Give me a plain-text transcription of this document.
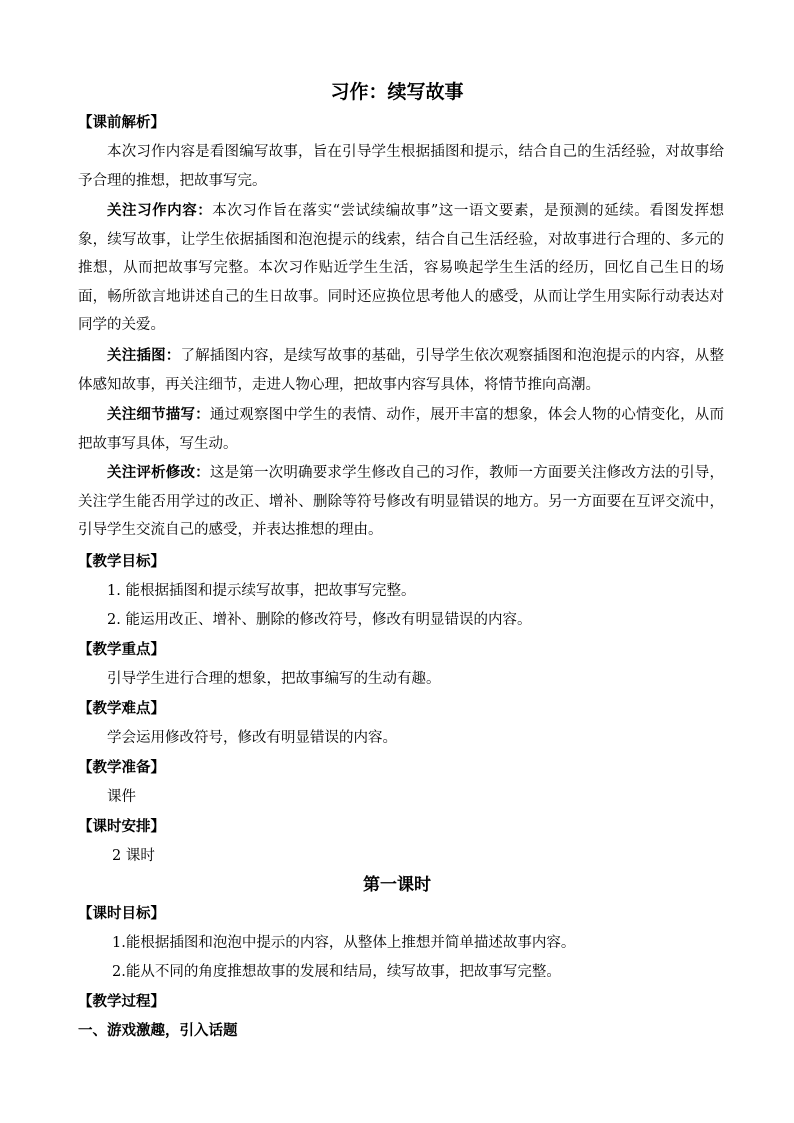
习作：续写故事
【课前解析】

本次习作内容是看图编写故事，旨在引导学生根据插图和提示，结合自己的生活经验，对故事给予合理的推想，把故事写完。

关注习作内容：本次习作旨在落实“尝试续编故事”这一语文要素，是预测的延续。看图发挥想象，续写故事，让学生依据插图和泡泡提示的线索，结合自己生活经验，对故事进行合理的、多元的推想，从而把故事写完整。本次习作贴近学生生活，容易唤起学生生活的经历，回忆自己生日的场面，畅所欲言地讲述自己的生日故事。同时还应换位思考他人的感受，从而让学生用实际行动表达对同学的关爱。

关注插图：了解插图内容，是续写故事的基础，引导学生依次观察插图和泡泡提示的内容，从整体感知故事，再关注细节，走进人物心理，把故事内容写具体，将情节推向高潮。

关注细节描写：通过观察图中学生的表情、动作，展开丰富的想象，体会人物的心情变化，从而把故事写具体，写生动。

关注评析修改：这是第一次明确要求学生修改自己的习作，教师一方面要关注修改方法的引导，关注学生能否用学过的改正、增补、删除等符号修改有明显错误的地方。另一方面要在互评交流中，引导学生交流自己的感受，并表达推想的理由。

【教学目标】
1. 能根据插图和提示续写故事，把故事写完整。
2. 能运用改正、增补、删除的修改符号，修改有明显错误的内容。
【教学重点】
引导学生进行合理的想象，把故事编写的生动有趣。
【教学难点】
学会运用修改符号，修改有明显错误的内容。
【教学准备】
课件
【课时安排】
2 课时
第一课时
【课时目标】
1.能根据插图和泡泡中提示的内容，从整体上推想并简单描述故事内容。
2.能从不同的角度推想故事的发展和结局，续写故事，把故事写完整。
【教学过程】
一、游戏激趣，引入话题
